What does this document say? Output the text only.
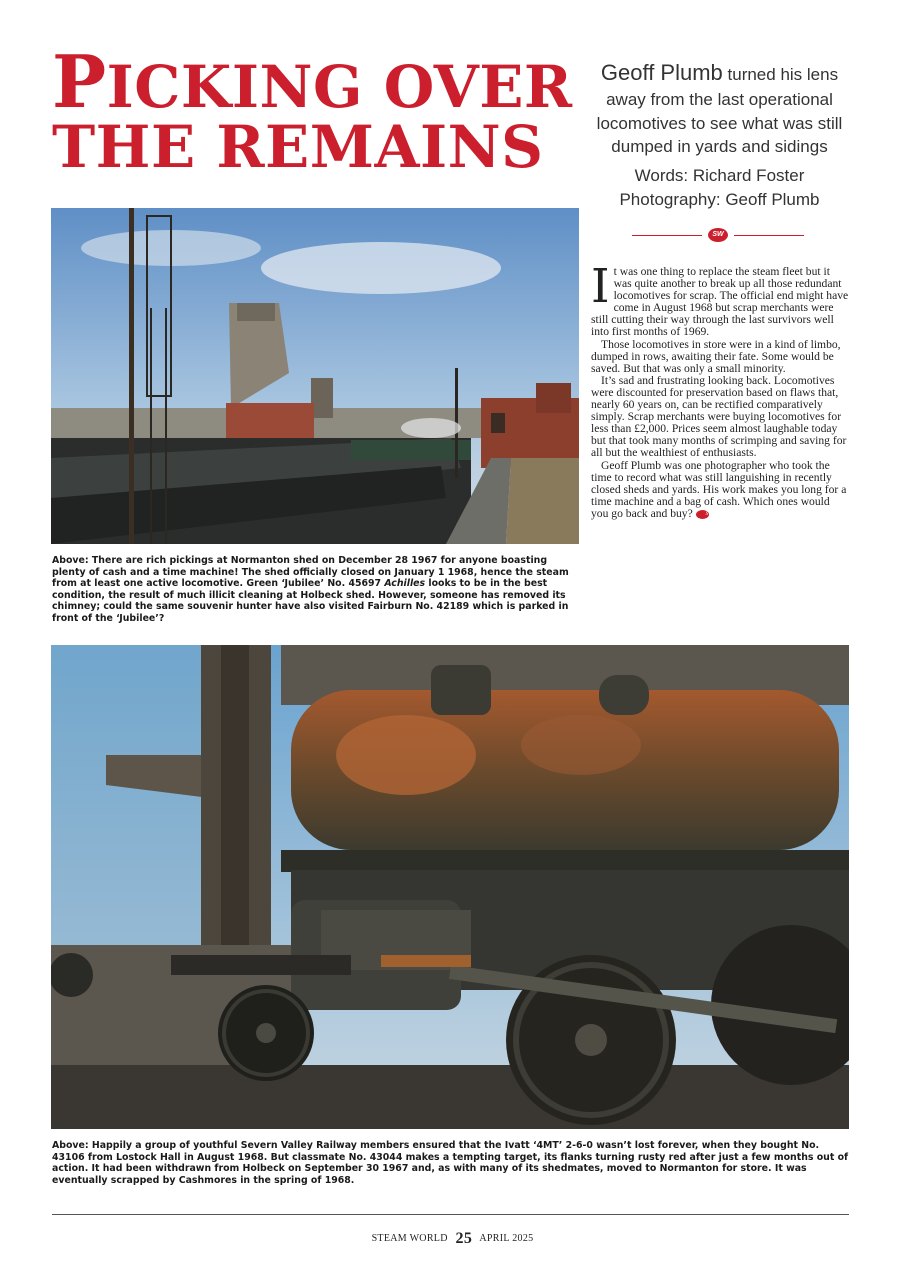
PICKING OVER
THE REMAINS

Geoff Plumb turned his lens away from the last operational locomotives to see what was still dumped in yards and sidings

Words: Richard Foster
Photography: Geoff Plumb
SW

It was one thing to replace the steam fleet but it was quite another to break up all those redundant locomotives for scrap. The official end might have come in August 1968 but scrap merchants were still cutting their way through the last survivors well into first months of 1969.

Those locomotives in store were in a kind of limbo, dumped in rows, awaiting their fate. Some would be saved. But that was only a small minority.

It’s sad and frustrating looking back. Locomotives were discounted for preservation based on flaws that, nearly 60 years on, can be rectified comparatively simply. Scrap merchants were buying locomotives for less than £2,000. Prices seem almost laughable today but that took many months of scrimping and saving for all but the wealthiest of enthusiasts.

Geoff Plumb was one photographer who took the time to record what was still languishing in recently closed sheds and yards. His work makes you long for a time machine and a bag of cash. Which ones would you go back and buy?	SW

Above: There are rich pickings at Normanton shed on December 28 1967 for anyone boasting plenty of cash and a time machine! The shed officially closed on January 1 1968, hence the steam from at least one active locomotive. Green ‘Jubilee’ No. 45697 Achilles looks to be in the best condition, the result of much illicit cleaning at Holbeck shed. However, someone has removed its chimney; could the same souvenir hunter have also visited Fairburn No. 42189 which is parked in front of the ‘Jubilee’?

Above: Happily a group of youthful Severn Valley Railway members ensured that the Ivatt ‘4MT’ 2-6-0 wasn’t lost forever, when they bought No. 43106 from Lostock Hall in August 1968. But classmate No. 43044 makes a tempting target, its flanks turning rusty red after just a few months out of action. It had been withdrawn from Holbeck on September 30 1967 and, as with many of its shedmates, moved to Normanton for store. It was eventually scrapped by Cashmores in the spring of 1968.

STEAM WORLD 25 APRIL 2025
